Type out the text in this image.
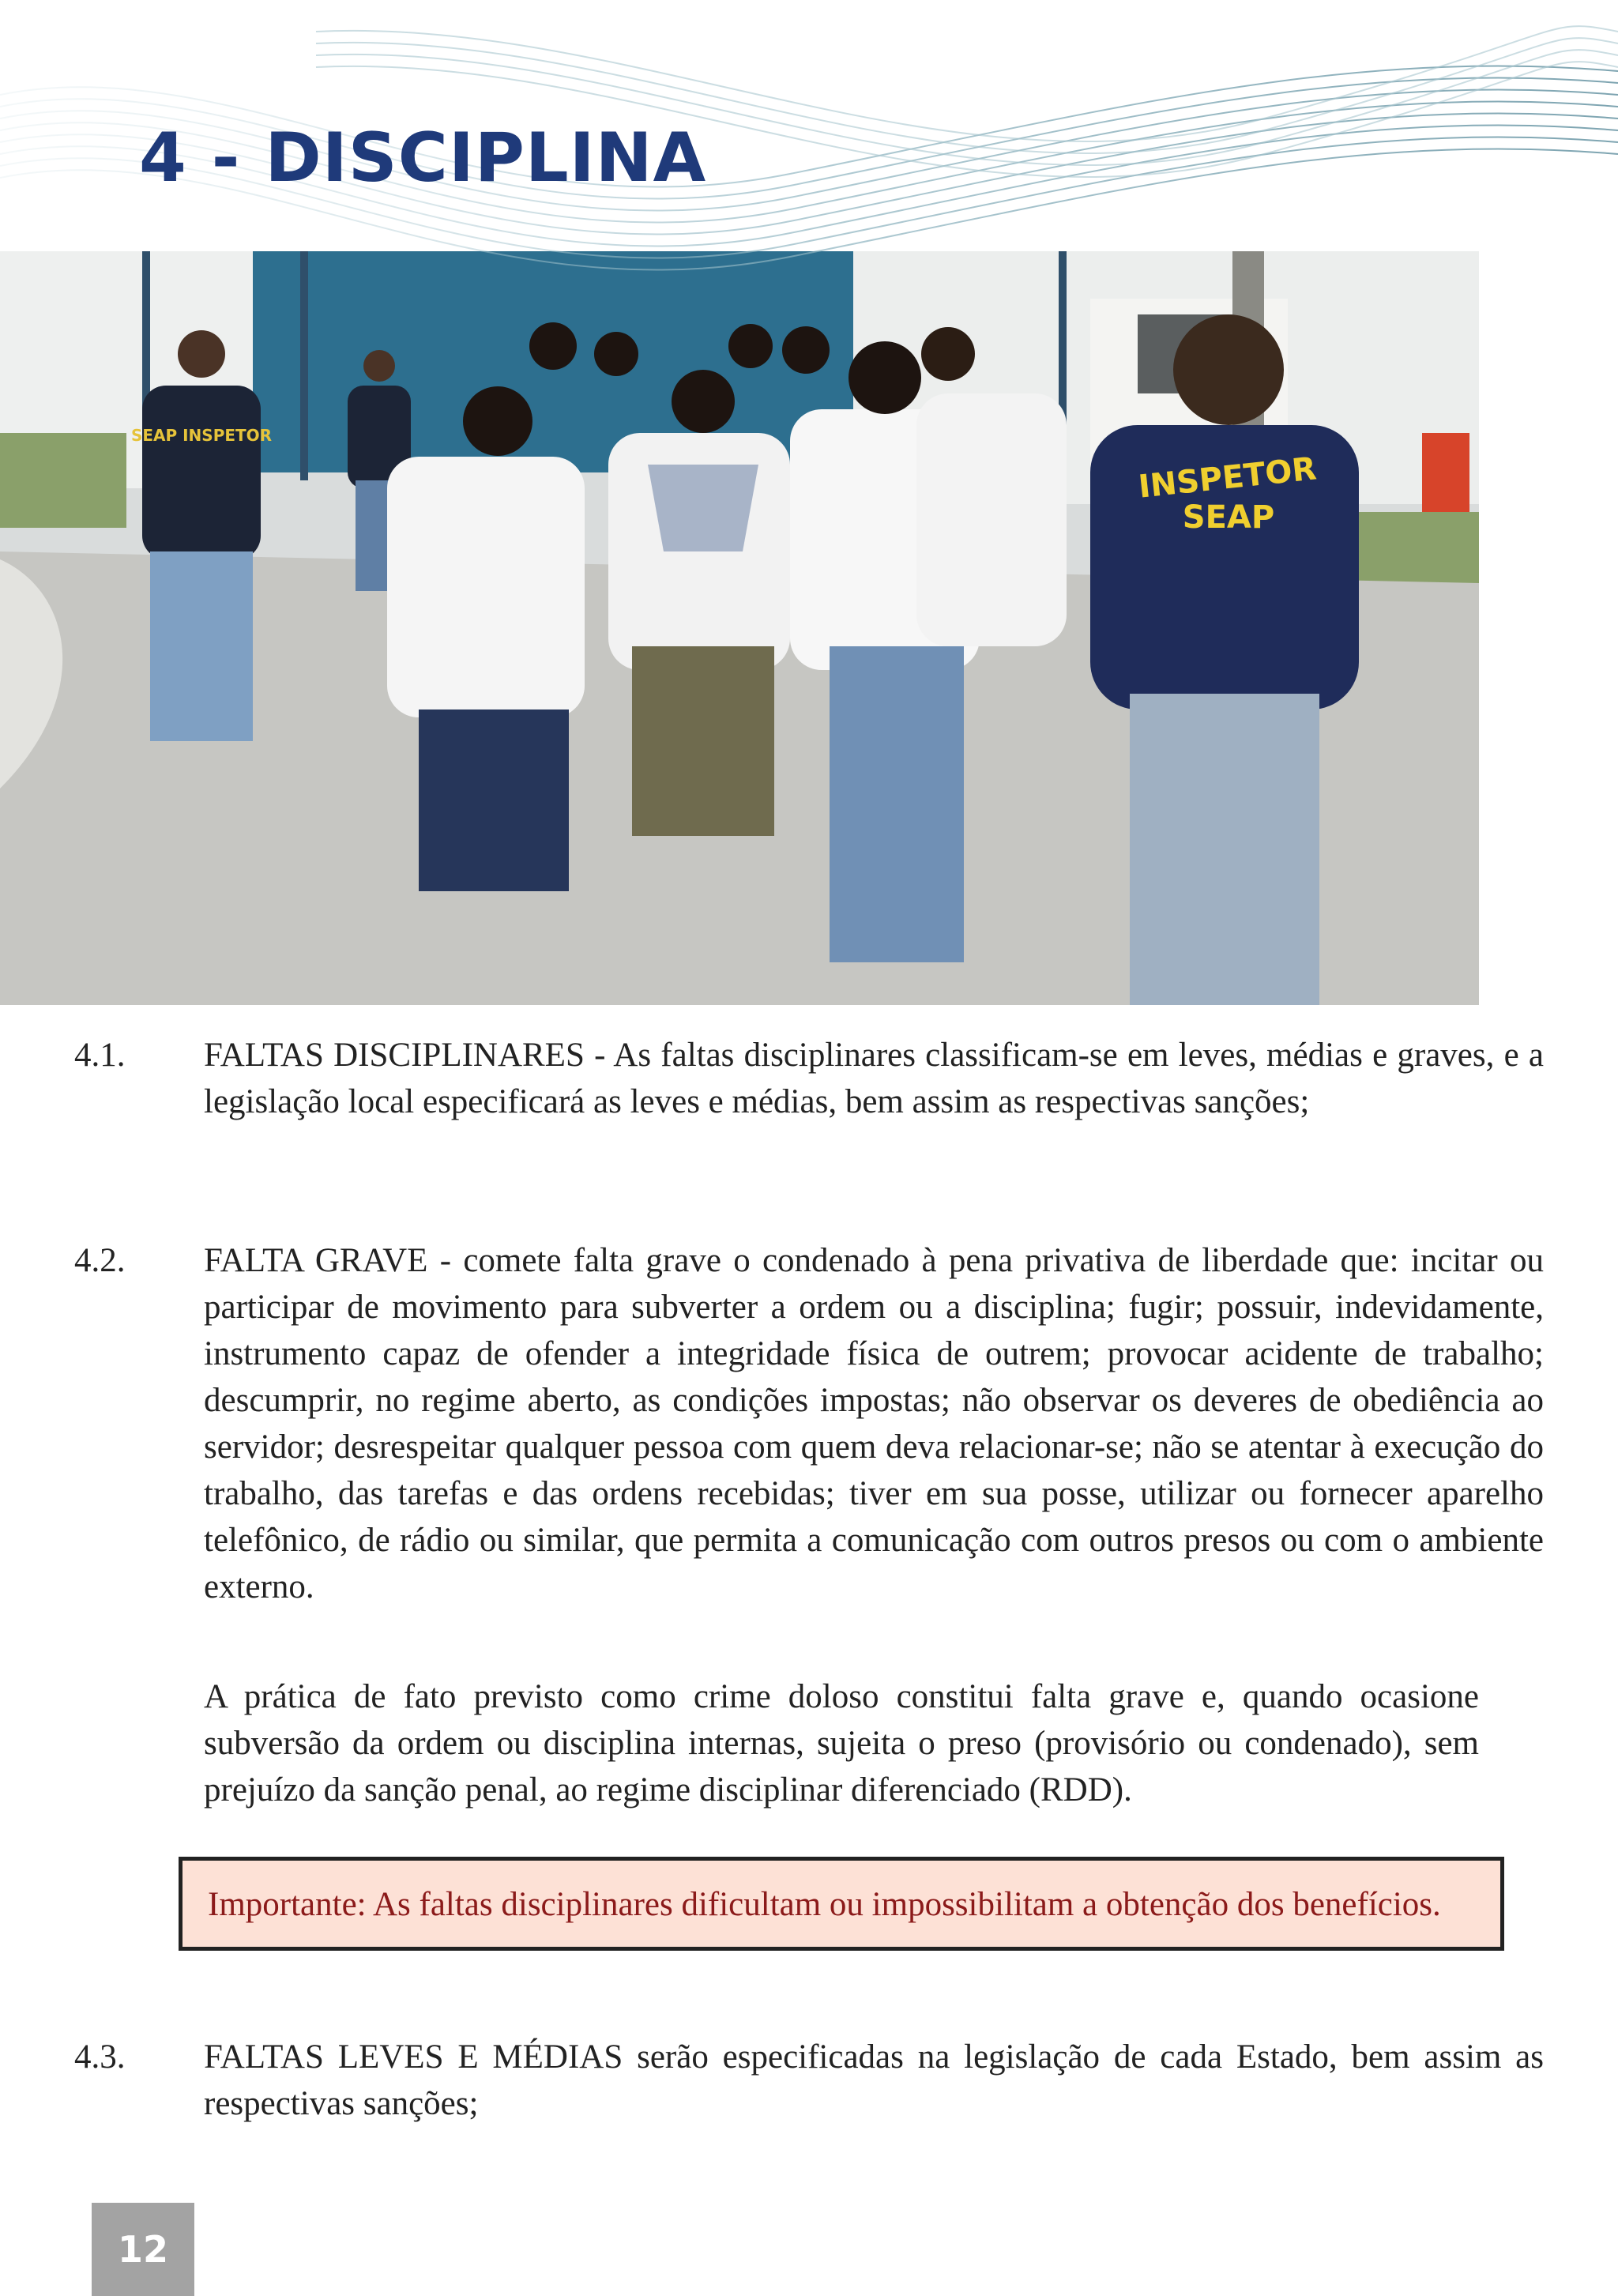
4 - DISCIPLINA
SEAP INSPETOR
INSPETOR
SEAP
4.1. FALTAS DISCIPLINARES - As faltas disciplinares classificam-se em leves, médias e graves, e a legislação local especificará as leves e médias, bem assim as respectivas sanções;
4.2. FALTA GRAVE - comete falta grave o condenado à pena privativa de liberdade que: incitar ou participar de movimento para subverter a ordem ou a disciplina; fugir; possuir, indevidamente, instrumento capaz de ofender a integridade física de outrem; provocar acidente de trabalho; descumprir, no regime aberto, as condições impostas; não observar os deveres de obediência ao servidor; desrespeitar qualquer pessoa com quem deva relacionar-se; não se atentar à execução do trabalho, das tarefas e das ordens recebidas; tiver em sua posse, utilizar ou fornecer aparelho telefônico, de rádio ou similar, que permita a comunicação com outros presos ou com o ambiente externo.
A prática de fato previsto como crime doloso constitui falta grave e, quando ocasione subversão da ordem ou disciplina internas, sujeita o preso (provisório ou condenado), sem prejuízo da sanção penal, ao regime disciplinar diferenciado (RDD).
Importante: As faltas disciplinares dificultam ou impossibilitam a obtenção dos benefícios.
4.3. FALTAS LEVES E MÉDIAS serão especificadas na legislação de cada Estado, bem assim as respectivas sanções;
12
